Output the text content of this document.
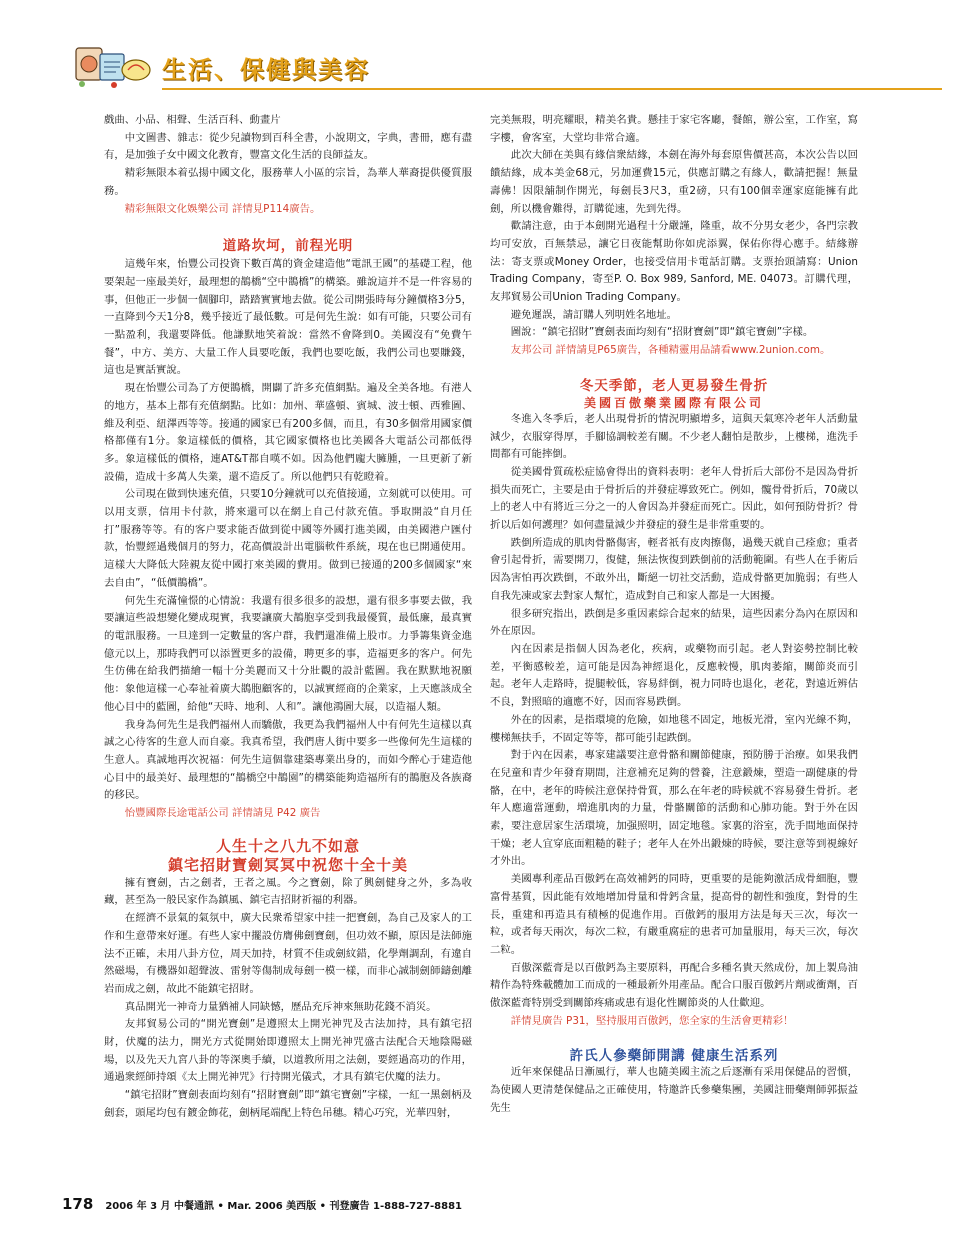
生活、保健與美容

戲曲、小品、相聲、生活百科、動畫片

中文圖書、雜志：從少兒讀物到百科全書，小說期文，字典，書冊，應有盡有，是加強子女中國文化教育，豐富文化生活的良師益友。

精彩無限本着弘揚中國文化，服務華人小區的宗旨，為華人華裔提供優質服務。

精彩無限文化娛樂公司 詳情見P114廣告。

道路坎坷，前程光明

這幾年來，怡豐公司投資下數百萬的資金建造他“電訊王國”的基礎工程，他要架起一座最美好，最理想的鵲橋“空中鵲橋”的構築。雖說這并不是一件容易的事，但他正一步個一個腳印，踏踏實實地去做。從公司開張時每分鐘價格3分5，一直降到今天1分8，幾乎接近了最低數。可是何先生說：如有可能，只要公司有一點盈利，我還要降低。他謙默地笑着說：當然不會降到0。美國沒有“免費午餐”，中方、美方、大量工作人員要吃飯，我們也要吃飯，我們公司也要賺錢，這也是實話實說。

現在怡豐公司為了方便鵲橋，開闢了許多充值網點。遍及全美各地。有港人的地方，基本上都有充值網點。比如：加州、華盛頓、賓城、波士頓、西雅圖、維及利亞、紐澤西等等。接通的國家已有200多個，而且，有30多個常用國家價格都僅有1分。象這樣低的價格，其它國家價格也比美國各大電話公司都低得多。象這樣低的價格，連AT&T都自嘆不如。因為他們龐大臃腫，一旦更新了新設備，造成十多萬人失業，還不造反了。所以他們只有乾瞪着。

公司現在做到快速充值，只要10分鐘就可以充值接通，立刻就可以使用。可以用支票，信用卡付款，將來還可以在網上自己付款充值。爭取開設“自月任打”服務等等。有的客户要求能否做到從中國等外國打進美國，由美國港户匯付款，怡豐經過幾個月的努力，花高價設計出電腦軟件系統，現在也已開通使用。這樣大大降低大陸親友從中國打來美國的費用。做到已接通的200多個國家“來去自由”，“低價鵲橋”。

何先生充滿憧憬的心情說：我還有很多很多的設想，還有很多事要去做，我要讓這些設想變化變成現實，我要讓廣大鵲胞享受到我最優質，最低廉，最真實的電訊服務。一旦達到一定數量的客户群，我們還准備上股市。力爭籌集資金進億元以上，那時我們可以添置更多的設備，聘更多的事，造福更多的客户。何先生仿佛在給我們描繪一幅十分美麗而又十分壯觀的設計藍圖。我在默默地祝願他：象他這樣一心奉祉着廣大鵲胞顧客的，以誠實經商的企業家，上天應該成全他心目中的藍圖，給他“天時、地利、人和”。讓他鴻圖大展，以造福人類。

我身為何先生是我們福州人而驕傲，我更為我們福州人中有何先生這樣以真誠之心待客的生意人而自豪。我真希望，我們唐人街中要多一些像何先生這樣的生意人。真誠地再次祝福：何先生這個靠建築專業出身的，而如今醉心于建造他心目中的最美好、最理想的“鵲橋空中鵲園”的構築能夠造福所有的鵲胞及各族裔的移民。

怡豐國際長途電話公司 詳情請見 P42 廣告

人生十之八九不如意
鎮宅招財寶劍冥冥中祝您十全十美

擁有寶劍，古之劍者，王者之風。今之寶劍，除了興劍健身之外，多為收藏，甚至為一般民家作為鎮風、鎮宅吉招財祈福的利器。

在經濟不景氣的氣氛中，廣大民衆希望家中挂一把寶劍，為自己及家人的工作和生意帶來好運。有些人家中擺設仿膺佛劍寶劍，但功效不顯，原因是法師施法不正確，未用八卦方位，周天加持，材質不佳或劍紋錯，化學劑調刮，有違自然磁場，有機器如超聲波、雷射等傷制成每劍一模一樣，而非心誠制劍師鑄劍離岩而成之劍，故此不能鎮宅招財。

真品開光一神奇力量猶補人同缺憾，歷品充斥神來無助花錢不消災。

友邦貿易公司的“開光寶劍”是遵照太上開光神咒及古法加持，具有鎮宅招財，伏魔的法力，開光方式從開始即遵照太上開光神咒盛古法配合天地陰陽磁場，以及先天九宮八卦的等深奧手續，以道教所用之法劍，要經過高功的作用，通過衆經師持頌《太上開光神咒》行持開光儀式，才具有鎮宅伏魔的法力。

“鎮宅招財”寶劍表面均刻有“招財寶劍”即“鎮宅寶劍”字樣，一紅一黑劍柄及劍套，頭尾均包有鍍金飾花，劍柄尾端配上特色吊穗。精心巧究，光華四射，

完美無瑕，明亮耀眼，精美名貴。懸挂于家宅客廳，餐館，辦公室，工作室，寫字樓，會客室，大堂均非常合適。

此次大師在美與有緣信衆結緣，本劍在海外每套原售價甚高，本次公告以回饋結緣，成本美金68元，另加運費15元，供應訂購之有緣人，歡請把握！無量壽佛！因限舖制作開光，每劍長3尺3，重2磅，只有100個幸運家庭能擁有此劍，所以機會難得，訂購從速，先到先得。

歡請注意，由于本劍開光過程十分嚴謹，隆重，故不分男女老少，各門宗教均可安放，百無禁忌，讓它日夜能幫助你如虎添翼，保佑你得心應手。結緣辦法：寄支票或Money Order，也接受信用卡電話訂購。支票抬頭請寫：Union Trading Company，寄至P. O. Box 989, Sanford, ME. 04073。訂購代理，友邦貿易公司Union Trading Company。

避免遲誤，請訂購人列明姓名地址。

圖說：“鎮宅招財”寶劍表面均刻有“招財寶劍”即“鎮宅寶劍”字樣。

友邦公司 詳情請見P65廣告，各種精靈用品請看www.2union.com。

冬天季節，老人更易發生骨折
美國百傲藥業國際有限公司

冬進入冬季后，老人出現骨折的情況明顯增多，這與天氣寒冷老年人活動量減少，衣服穿得厚，手腳協調較差有關。不少老人翻怕是散步，上樓梯，進洗手間都有可能摔倒。

從美國骨質疏松症協會得出的資料表明：老年人骨折后大部份不是因為骨折損失而死亡，主要是由于骨折后的并發症導致死亡。例如，髖骨骨折后，70歲以上的老人中有將近三分之一的人會因為并發症而死亡。因此，如何預防骨折？骨折以后如何護理？如何盡量減少并發症的發生是非常重要的。

跌倒所造成的肌肉骨骼傷害，輕者祇有皮肉擦傷，過幾天就自己痊愈；重者會引起骨折，需要開刀，復健，無法恢復到跌倒前的活動範圍。有些人在手術后因為害怕再次跌倒，不敢外出，斷絕一切社交活動，造成骨骼更加脆弱；有些人自我先凍或家去對家人幫忙，造成對自己和家人都是一大困擾。

很多研究指出，跌倒是多重因素綜合起來的結果，這些因素分為內在原因和外在原因。

內在因素是指個人因為老化，疾病，或藥物而引起。老人對姿勢控制比較差，平衡感較差，這可能是因為神經退化，反應較慢，肌肉萎縮，關節炎而引起。老年人走路時，提腿較低，容易絆倒，視力同時也退化，老花，對遠近辨估不良，對照暗的適應不好，因而容易跌倒。

外在的因素，是指環境的危險，如地毯不固定，地板光滑，室內光線不夠，樓梯無扶手，不固定等等，都可能引起跌倒。

對于內在因素，專家建議要注意骨骼和關節健康，預防勝于治療。如果我們在兒童和青少年發育期間，注意補充足夠的營養，注意鍛煉，塑造一副健康的骨骼，在中，老年的時候注意保持骨質，那么在年老的時候就不容易發生骨折。老年人應適當運動，増進肌肉的力量，骨骼關節的活動和心肺功能。對于外在因素，要注意居家生活環境，加强照明，固定地毯。家裏的浴室，洗手間地面保持干燥；老人宜穿底面粗糙的鞋子；老年人在外出鍛煉的時候，要注意等到視線好才外出。

美國專利產品百傲鈣在高效補鈣的同時，更重要的是能夠激活成骨細胞，豐富骨基質，因此能有效地增加骨量和骨鈣含量，提高骨的韌性和強度，對骨的生長，重建和再造具有積極的促進作用。百傲鈣的服用方法是每天三次，每次一粒，或者每天兩次，每次二粒，有嚴重腐症的患者可加量服用，每天三次，每次二粒。

百傲深藍膏是以百傲鈣為主要原料，再配合多種名貴天然成份，加上製鳥油精作為特殊載體加工而成的一種最新外用產品。配合口服百傲鈣片劑或衝劑，百傲深藍膏特別受到關節疼痛或患有退化性關節炎的人仕歡迎。

詳情見廣告 P31，堅持服用百傲鈣，您全家的生活會更精彩！

許氏人參藥師開講 健康生活系列

近年來保健品日漸風行，華人也隨美國主流之后逐漸有采用保健品的習慣，為使國人更清楚保健品之正確使用，特邀許氏參藥集團，美國註冊藥劑師郭振益先生

178 2006 年 3 月 中餐通訊 • Mar. 2006 美西版 • 刊登廣告 1-888-727-8881
